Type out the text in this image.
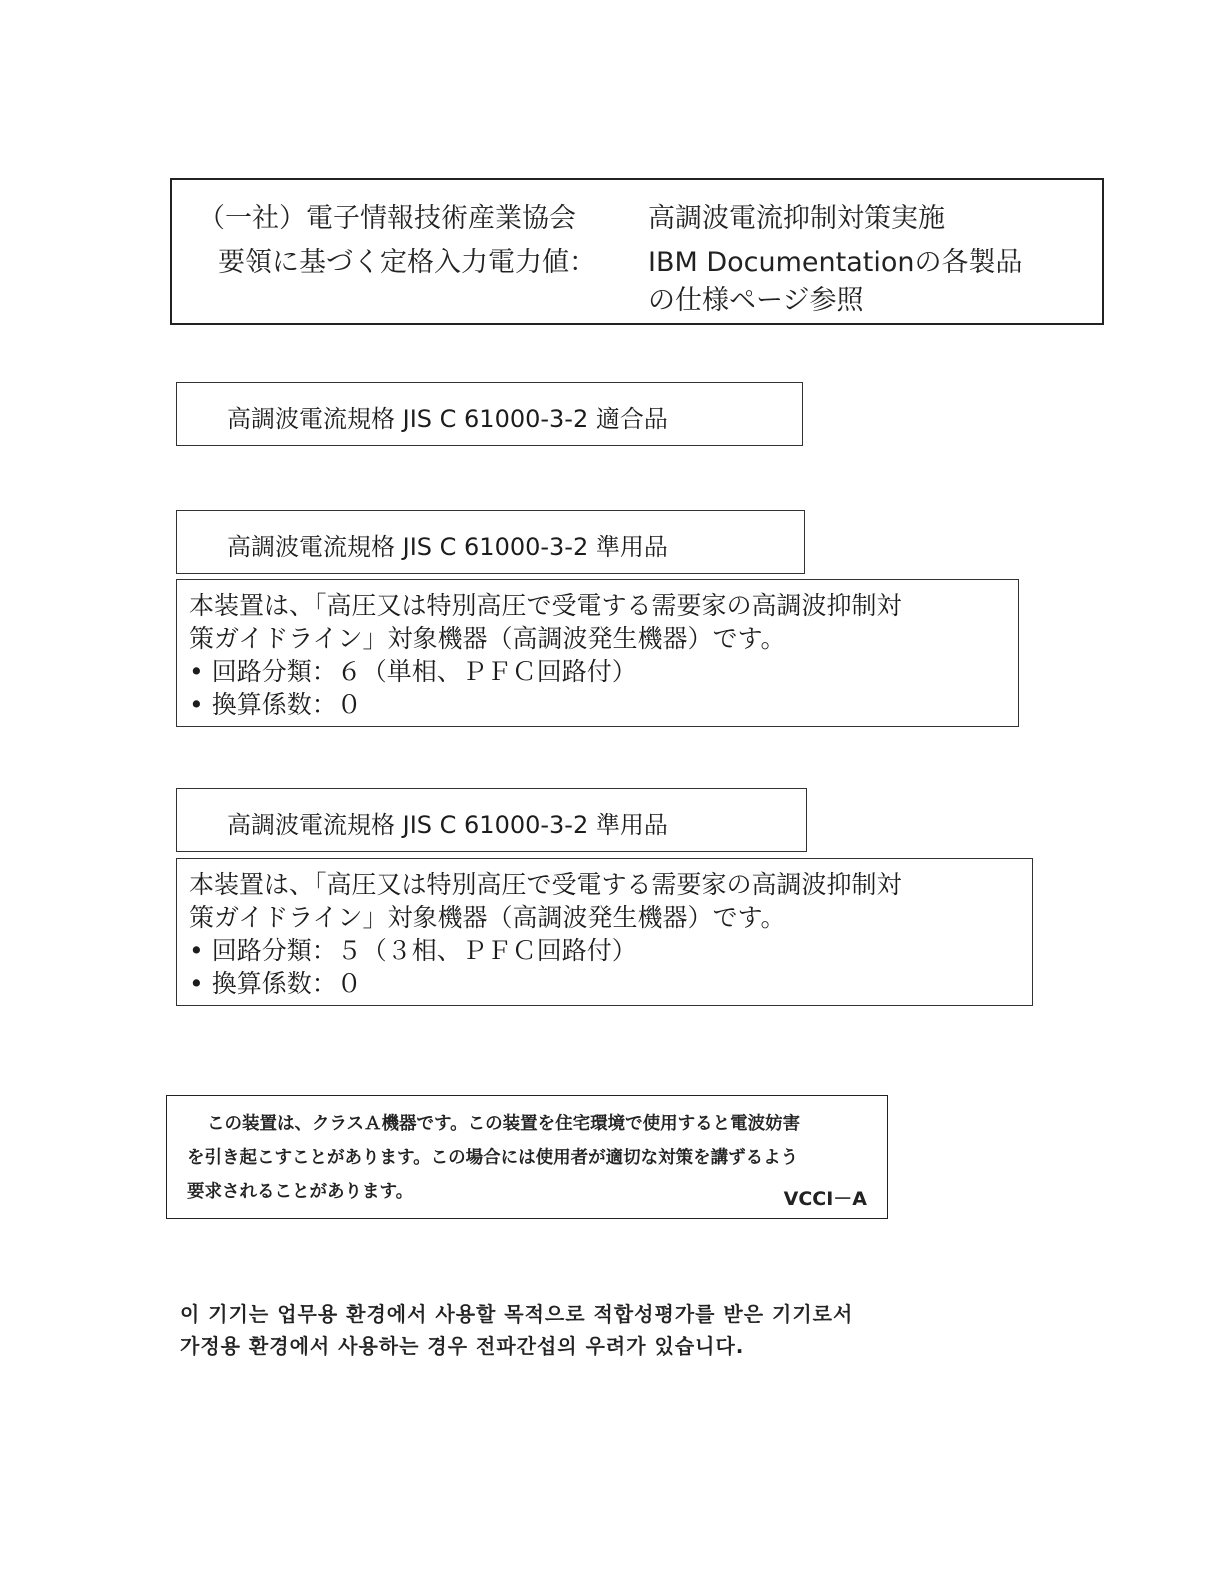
（一社）電子情報技術産業協会	高調波電流抑制対策実施
要領に基づく定格入力電力値： IBM Documentationの各製品
の仕様ページ参照
高調波電流規格 JIS C 61000-3-2 適合品
高調波電流規格 JIS C 61000-3-2 準用品
本装置は、「高圧又は特別高圧で受電する需要家の高調波抑制対
策ガイドライン」対象機器（高調波発生機器）です。
• 回路分類：６（単相、ＰＦＣ回路付）
• 換算係数：０
高調波電流規格 JIS C 61000-3-2 準用品
本装置は、「高圧又は特別高圧で受電する需要家の高調波抑制対
策ガイドライン」対象機器（高調波発生機器）です。
• 回路分類：５（３相、ＰＦＣ回路付）
• 換算係数：０
この装置は、クラスＡ機器です。この装置を住宅環境で使用すると電波妨害
を引き起こすことがあります。この場合には使用者が適切な対策を講ずるよう
要求されることがあります。	VCCI－A
이 기기는 업무용 환경에서 사용할 목적으로 적합성평가를 받은 기기로서
가정용 환경에서 사용하는 경우 전파간섭의 우려가 있습니다.
